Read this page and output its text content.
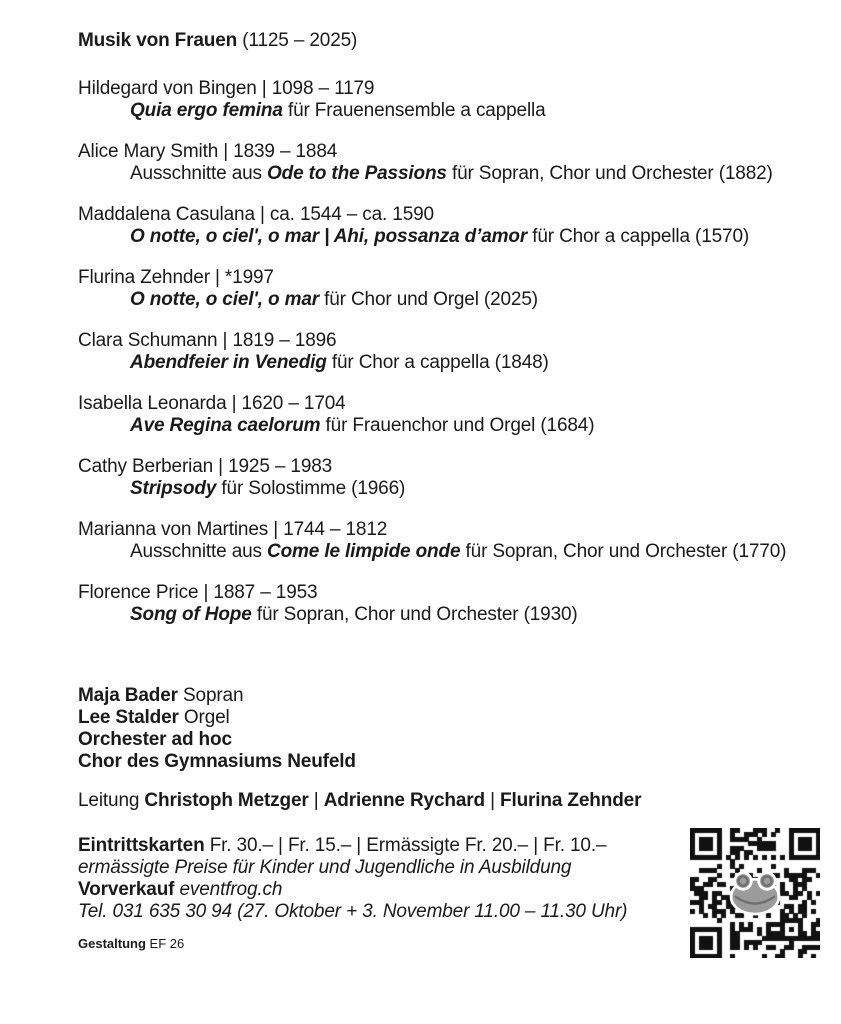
Musik von Frauen (1125 – 2025)
Hildegard von Bingen | 1098 – 1179
Quia ergo femina für Frauenensemble a cappella
Alice Mary Smith | 1839 – 1884
Ausschnitte aus Ode to the Passions für Sopran, Chor und Orchester (1882)
Maddalena Casulana | ca. 1544 – ca. 1590
O notte, o ciel', o mar | Ahi, possanza d’amor für Chor a cappella (1570)
Flurina Zehnder | *1997
O notte, o ciel', o mar für Chor und Orgel (2025)
Clara Schumann | 1819 – 1896
Abendfeier in Venedig für Chor a cappella (1848)
Isabella Leonarda | 1620 – 1704
Ave Regina caelorum für Frauenchor und Orgel (1684)
Cathy Berberian | 1925 – 1983
Stripsody für Solostimme (1966)
Marianna von Martines | 1744 – 1812
Ausschnitte aus Come le limpide onde für Sopran, Chor und Orchester (1770)
Florence Price | 1887 – 1953
Song of Hope für Sopran, Chor und Orchester (1930)
Maja Bader Sopran
Lee Stalder Orgel
Orchester ad hoc
Chor des Gymnasiums Neufeld
Leitung Christoph Metzger | Adrienne Rychard | Flurina Zehnder
Eintrittskarten Fr. 30.– | Fr. 15.– | Ermässigte Fr. 20.– | Fr. 10.–
ermässigte Preise für Kinder und Jugendliche in Ausbildung
Vorverkauf eventfrog.ch
Tel. 031 635 30 94 (27. Oktober + 3. November 11.00 – 11.30 Uhr)
Gestaltung EF 26
